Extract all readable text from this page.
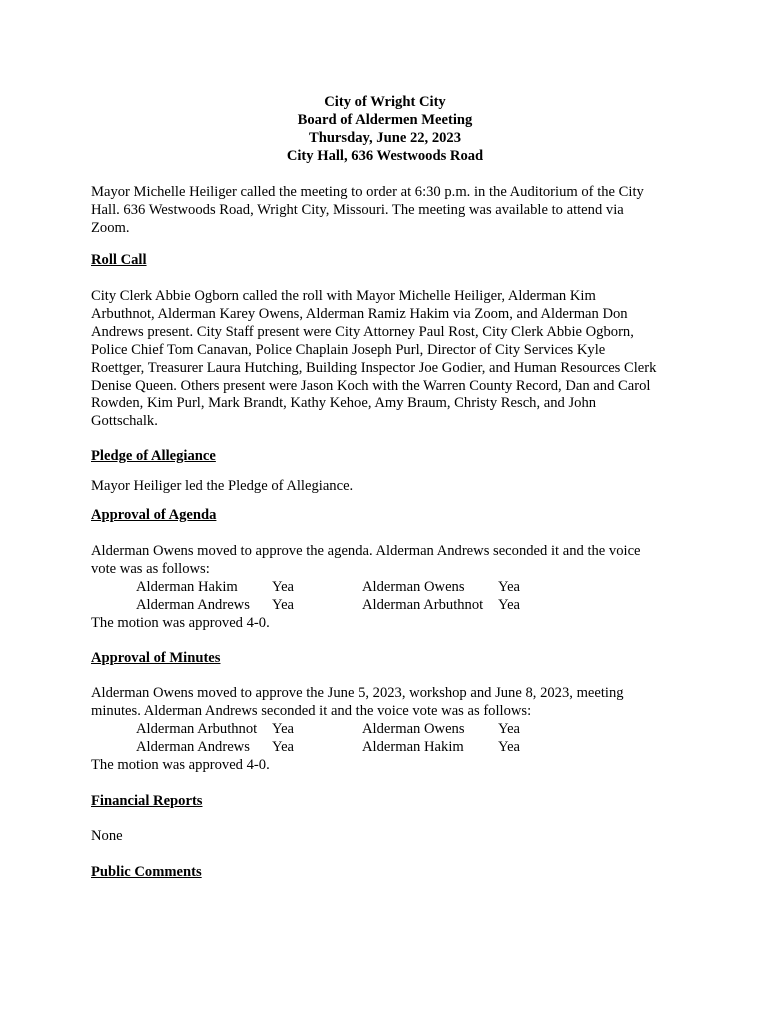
City of Wright City
Board of Aldermen Meeting
Thursday, June 22, 2023
City Hall, 636 Westwoods Road
Mayor Michelle Heiliger called the meeting to order at 6:30 p.m. in the Auditorium of the City
Hall. 636 Westwoods Road, Wright City, Missouri. The meeting was available to attend via
Zoom.
Roll Call
City Clerk Abbie Ogborn called the roll with Mayor Michelle Heiliger, Alderman Kim
Arbuthnot, Alderman Karey Owens, Alderman Ramiz Hakim via Zoom, and Alderman Don
Andrews present. City Staff present were City Attorney Paul Rost, City Clerk Abbie Ogborn,
Police Chief Tom Canavan, Police Chaplain Joseph Purl, Director of City Services Kyle
Roettger, Treasurer Laura Hutching, Building Inspector Joe Godier, and Human Resources Clerk
Denise Queen. Others present were Jason Koch with the Warren County Record, Dan and Carol
Rowden, Kim Purl, Mark Brandt, Kathy Kehoe, Amy Braum, Christy Resch, and John
Gottschalk.
Pledge of Allegiance
Mayor Heiliger led the Pledge of Allegiance.
Approval of Agenda
Alderman Owens moved to approve the agenda. Alderman Andrews seconded it and the voice
vote was as follows:
Alderman Hakim Yea	Alderman Owens Yea
Alderman Andrews Yea	Alderman Arbuthnot Yea
The motion was approved 4-0.
Approval of Minutes
Alderman Owens moved to approve the June 5, 2023, workshop and June 8, 2023, meeting
minutes. Alderman Andrews seconded it and the voice vote was as follows:
Alderman Arbuthnot Yea	Alderman Owens Yea
Alderman Andrews Yea	Alderman Hakim Yea
The motion was approved 4-0.
Financial Reports
None
Public Comments
